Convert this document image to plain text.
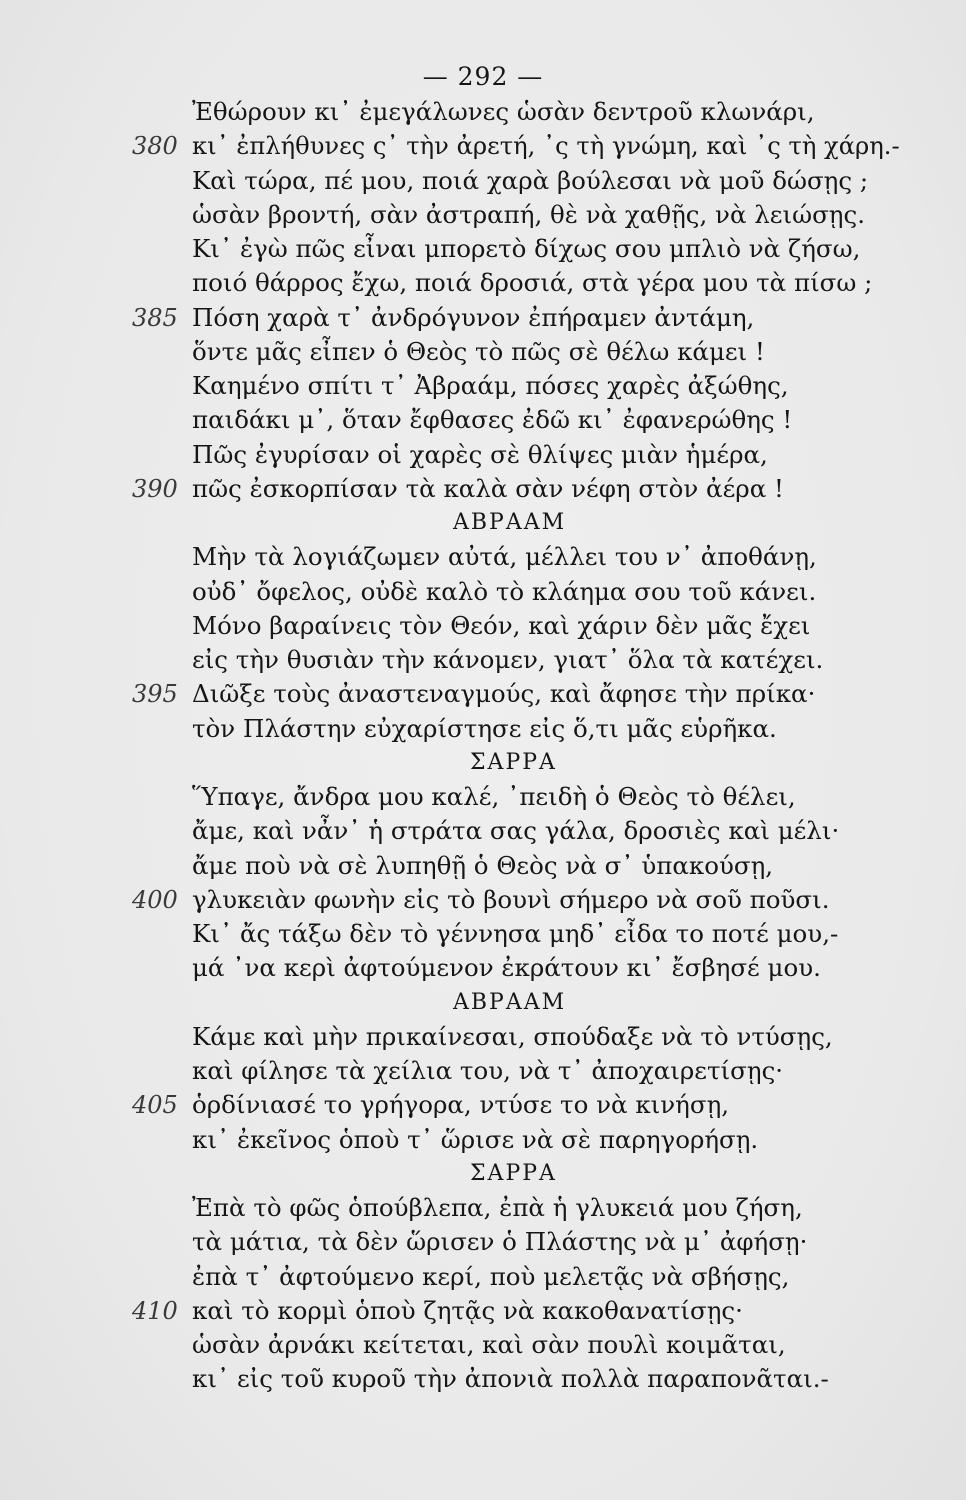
— 292 —
Ἐθώρουν κι᾽ ἐμεγάλωνες ὡσὰν δεντροῦ κλωνάρι,
380 κι᾽ ἐπλήθυνες ς᾽ τὴν ἀρετή, ᾽ς τὴ γνώμη, καὶ ᾽ς τὴ χάρη.-
Καὶ τώρα, πέ μου, ποιά χαρὰ βούλεσαι νὰ μοῦ δώσῃς ;
ὡσὰν βροντή, σὰν ἀστραπή, θὲ νὰ χαθῇς, νὰ λειώσῃς.
Κι᾽ ἐγὼ πῶς εἶναι μπορετὸ δίχως σου μπλιὸ νὰ ζήσω,
ποιό θάρρος ἔχω, ποιά δροσιά, στὰ γέρα μου τὰ πίσω ;
385 Πόση χαρὰ τ᾽ ἀνδρόγυνον ἐπήραμεν ἀντάμη,
ὅντε μᾶς εἶπεν ὁ Θεὸς τὸ πῶς σὲ θέλω κάμει !
Καημένο σπίτι τ᾽ Ἀβραάμ, πόσες χαρὲς ἀξώθης,
παιδάκι μ᾽, ὅταν ἔφθασες ἐδῶ κι᾽ ἐφανερώθης !
Πῶς ἐγυρίσαν οἱ χαρὲς σὲ θλίψες μιὰν ἡμέρα,
390 πῶς ἐσκορπίσαν τὰ καλὰ σὰν νέφη στὸν ἀέρα !
ΑΒΡΑΑΜ
Μὴν τὰ λογιάζωμεν αὐτά, μέλλει του ν᾽ ἀποθάνῃ,
οὐδ᾽ ὄφελος, οὐδὲ καλὸ τὸ κλάημα σου τοῦ κάνει.
Μόνο βαραίνεις τὸν Θεόν, καὶ χάριν δὲν μᾶς ἔχει
εἰς τὴν θυσιὰν τὴν κάνομεν, γιατ᾽ ὅλα τὰ κατέχει.
395 Διῶξε τοὺς ἀναστεναγμούς, καὶ ἄφησε τὴν πρίκα·
τὸν Πλάστην εὐχαρίστησε εἰς ὅ,τι μᾶς εὑρῆκα.
ΣΑΡΡΑ
Ὕπαγε, ἄνδρα μου καλέ, ᾽πειδὴ ὁ Θεὸς τὸ θέλει,
ἄμε, καὶ νἆν᾽ ἡ στράτα σας γάλα, δροσιὲς καὶ μέλι·
ἄμε ποὺ νὰ σὲ λυπηθῇ ὁ Θεὸς νὰ σ᾽ ὑπακούσῃ,
400 γλυκειὰν φωνὴν εἰς τὸ βουνὶ σήμερο νὰ σοῦ ποῦσι.
Κι᾽ ἄς τάξω δὲν τὸ γέννησα μηδ᾽ εἶδα το ποτέ μου,-
μά ᾽να κερὶ ἀφτούμενον ἐκράτουν κι᾽ ἔσβησέ μου.
ΑΒΡΑΑΜ
Κάμε καὶ μὴν πρικαίνεσαι, σπούδαξε νὰ τὸ ντύσῃς,
καὶ φίλησε τὰ χείλια του, νὰ τ᾽ ἀποχαιρετίσῃς·
405 ὁρδίνιασέ το γρήγορα, ντύσε το νὰ κινήσῃ,
κι᾽ ἐκεῖνος ὁποὺ τ᾽ ὥρισε νὰ σὲ παρηγορήσῃ.
ΣΑΡΡΑ
Ἐπὰ τὸ φῶς ὁπούβλεπα, ἐπὰ ἡ γλυκειά μου ζήση,
τὰ μάτια, τὰ δὲν ὥρισεν ὁ Πλάστης νὰ μ᾽ ἀφήσῃ·
ἐπὰ τ᾽ ἀφτούμενο κερί, ποὺ μελετᾷς νὰ σβήσῃς,
410 καὶ τὸ κορμὶ ὁποὺ ζητᾷς νὰ κακοθανατίσῃς·
ὡσὰν ἀρνάκι κείτεται, καὶ σὰν πουλὶ κοιμᾶται,
κι᾽ εἰς τοῦ κυροῦ τὴν ἀπονιὰ πολλὰ παραπονᾶται.-
